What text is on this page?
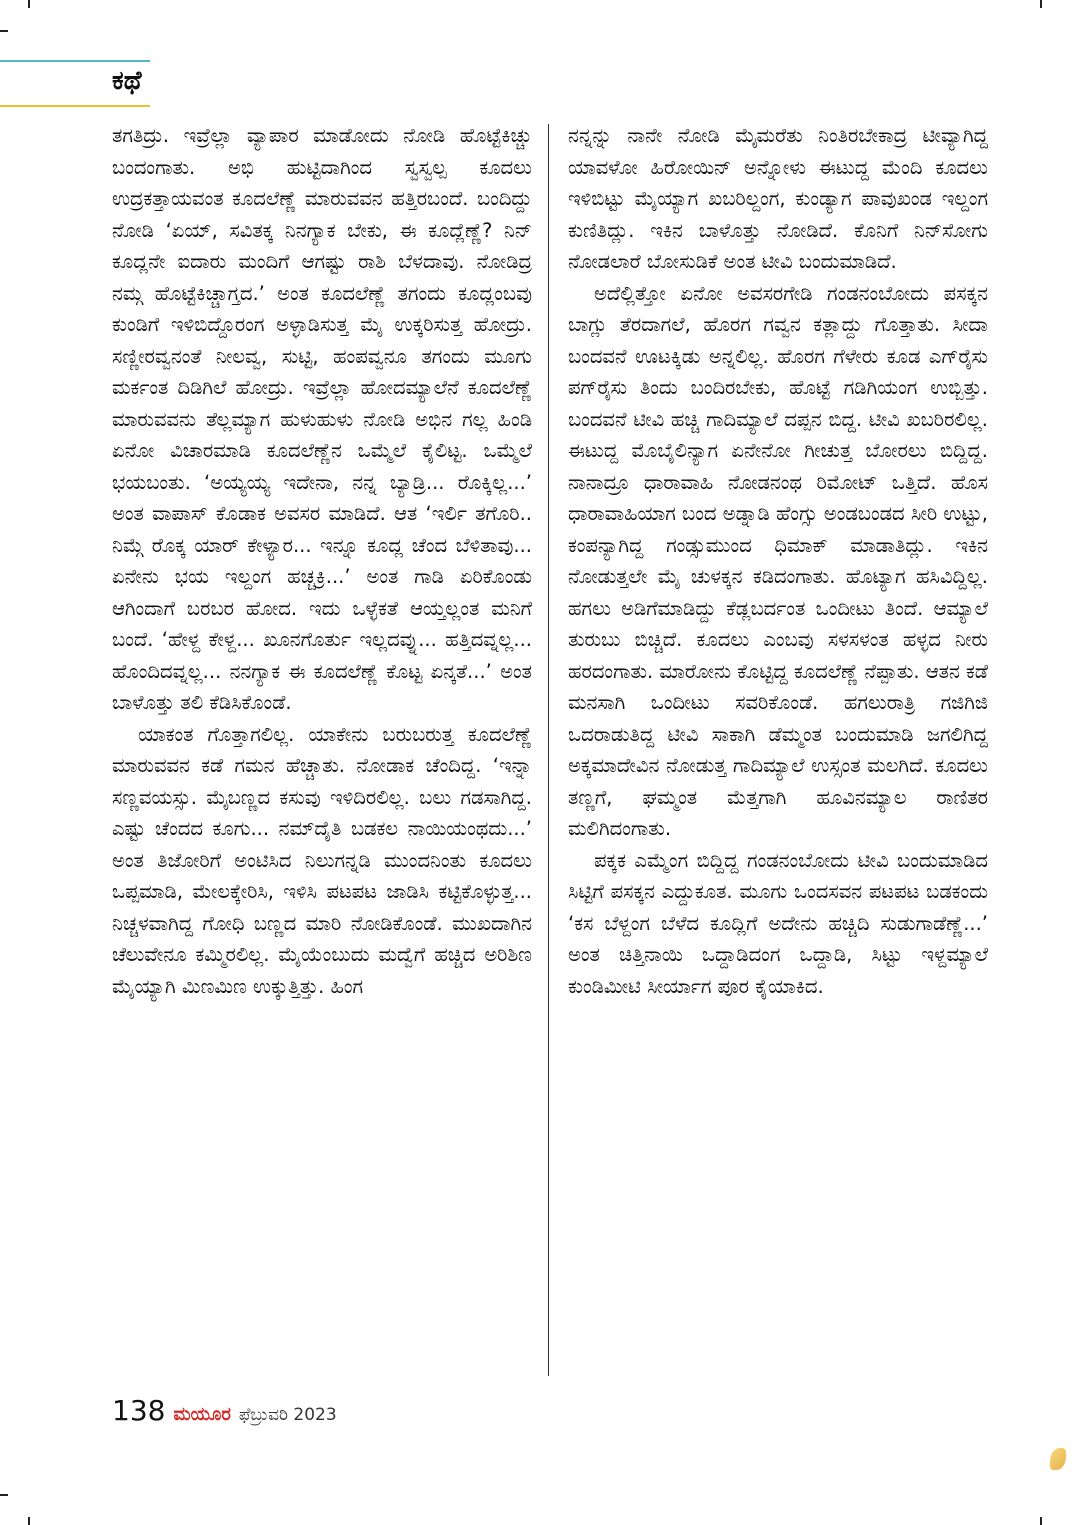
ಕಥೆ

ತಗತಿದ್ರು. ಇವ್ರೆಲ್ಲಾ ವ್ಯಾಪಾರ ಮಾಡೋದು ನೋಡಿ ಹೊಟ್ಟೆಕಿಚ್ಚು ಬಂದಂಗಾತು. ಅಭಿ ಹುಟ್ಟಿದಾಗಿಂದ ಸ್ವಸ್ವಲ್ಪ ಕೂದಲು ಉದ್ರಕತ್ತಾಯವಂತ ಕೂದಲೆಣ್ಣೆ ಮಾರುವವನ ಹತ್ತಿರಬಂದೆ. ಬಂದಿದ್ದು ನೋಡಿ ‘ಏಯ್, ಸವಿತಕ್ಕ ನಿನಗ್ಯಾಕ ಬೇಕು, ಈ ಕೂದ್ಲೆಣ್ಣೆ? ನಿನ್ ಕೂದ್ಲನೇ ಐದಾರು ಮಂದಿಗೆ ಆಗಷ್ಟು ರಾಶಿ ಬೆಳದಾವು. ನೋಡಿದ್ರ ನಮ್ಗ ಹೊಟ್ಟೆಕಿಚ್ಚಾಗ್ತದ.’ ಅಂತ ಕೂದಲೆಣ್ಣೆ ತಗಂದು ಕೂದ್ಲಂಬವು ಕುಂಡಿಗೆ ಇಳಿಬಿದ್ದೊರಂಗ ಅಳ್ಳಾಡಿಸುತ್ತ ಮೈ ಉಕ್ಕರಿಸುತ್ತ ಹೋದ್ರು. ಸಣ್ಣೀರವ್ವನಂತೆ ನೀಲವ್ವ, ಸುಟ್ಟಿ, ಹಂಪವ್ವನೂ ತಗಂದು ಮೂಗು ಮರ್ಕಂತ ದಿಡಿಗಿಲೆ ಹೋದ್ರು. ಇವ್ರೆಲ್ಲಾ ಹೋದಮ್ಯಾಲೆನೆ ಕೂದಲೆಣ್ಣೆ ಮಾರುವವನು ತೆಲ್ಲಮ್ಯಾಗ ಹುಳುಹುಳು ನೋಡಿ ಅಭಿನ ಗಲ್ಲ ಹಿಂಡಿ ಏನೋ ವಿಚಾರಮಾಡಿ ಕೂದಲೆಣ್ಣೆನ ಒಮ್ಮೆಲೆ ಕೈಲಿಟ್ಟ. ಒಮ್ಮೆಲೆ ಭಯಬಂತು. ‘ಅಯ್ಯಯ್ಯ ಇದೇನಾ, ನನ್ನ ಬ್ಯಾಡ್ರಿ... ರೊಕ್ಕಿಲ್ಲ...’ ಅಂತ ವಾಪಾಸ್ ಕೊಡಾಕ ಅವಸರ ಮಾಡಿದೆ. ಆತ ‘ಇರ್ಲಿ ತಗೊರಿ.. ನಿಮ್ಗೆ ರೊಕ್ಕ ಯಾರ್ ಕೇಳ್ಯಾರ... ಇನ್ನೂ ಕೂದ್ಲ ಚೆಂದ ಬೆಳಿತಾವು... ಏನೇನು ಭಯ ಇಲ್ದಂಗ ಹಚ್ಚಕ್ರಿ...’ ಅಂತ ಗಾಡಿ ಏರಿಕೊಂಡು ಆಗಿಂದಾಗೆ ಬರಬರ ಹೋದ. ಇದು ಒಳ್ಳೆಕತೆ ಆಯ್ತಲ್ಲಂತ ಮನಿಗೆ ಬಂದೆ. ‘ಹೇಳ್ದ ಕೇಳ್ದ... ಖೂನಗೊರ್ತು ಇಲ್ಲದವ್ನು... ಹತ್ತಿದವ್ನಲ್ಲ... ಹೊಂದಿದವ್ನಲ್ಲ... ನನಗ್ಯಾಕ ಈ ಕೂದಲೆಣ್ಣೆ ಕೊಟ್ಟ ಏನ್ಕತೆ...’ ಅಂತ ಬಾಳೊತ್ತು ತಲಿ ಕೆಡಿಸಿಕೊಂಡೆ.

ಯಾಕಂತ ಗೊತ್ತಾಗಲಿಲ್ಲ. ಯಾಕೇನು ಬರುಬರುತ್ತ ಕೂದಲೆಣ್ಣೆ ಮಾರುವವನ ಕಡೆ ಗಮನ ಹೆಚ್ಚಾತು. ನೋಡಾಕ ಚೆಂದಿದ್ದ. ‘ಇನ್ನಾ ಸಣ್ಣವಯಸ್ಸು. ಮೈಬಣ್ಣದ ಕಸುವು ಇಳಿದಿರಲಿಲ್ಲ. ಬಲು ಗಡಸಾಗಿದ್ದ. ಎಷ್ಟು ಚೆಂದದ ಕೂಗು... ನಮ್‌ದೈತಿ ಬಡಕಲ ನಾಯಿಯಂಥದು...’ ಅಂತ ತಿಜೋರಿಗೆ ಅಂಟಿಸಿದ ನಿಲುಗನ್ನಡಿ ಮುಂದನಿಂತು ಕೂದಲು ಒಪ್ಪಮಾಡಿ, ಮೇಲಕ್ಕೇರಿಸಿ, ಇಳಿಸಿ ಪಟಪಟ ಜಾಡಿಸಿ ಕಟ್ಟಿಕೊಳ್ಳುತ್ತ... ನಿಚ್ಚಳವಾಗಿದ್ದ ಗೋಧಿ ಬಣ್ಣದ ಮಾರಿ ನೋಡಿಕೊಂಡೆ. ಮುಖದಾಗಿನ ಚೆಲುವೇನೂ ಕಮ್ಮಿರಲಿಲ್ಲ. ಮೈಯೆಂಬುದು ಮದ್ವೆಗೆ ಹಚ್ಚಿದ ಅರಿಶಿಣ ಮೈಯ್ಯಾಗಿ ಮಿಣಮಿಣ ಉಕ್ಕುತ್ತಿತ್ತು. ಹಿಂಗ

ನನ್ನನ್ನು ನಾನೇ ನೋಡಿ ಮೈಮರೆತು ನಿಂತಿರಬೇಕಾದ್ರ ಟೀವ್ಯಾಗಿದ್ದ ಯಾವಳೋ ಹಿರೋಯಿನ್ ಅನ್ನೋಳು ಈಟುದ್ದ ಮೆಂದಿ ಕೂದಲು ಇಳಿಬಿಟ್ಟು ಮೈಯ್ಯಾಗ ಖಬರಿಲ್ದಂಗ, ಕುಂಡ್ಯಾಗ ಪಾವುಖಂಡ ಇಲ್ದಂಗ ಕುಣಿತಿದ್ಲು. ಇಕಿನ ಬಾಳೊತ್ತು ನೋಡಿದೆ. ಕೊನಿಗೆ ನಿನ್‌ಸೋಗು ನೋಡಲಾರೆ ಬೋಸುಡಿಕೆ ಅಂತ ಟೀವಿ ಬಂದುಮಾಡಿದೆ.

ಅದೆಲ್ಲಿತ್ತೋ ಏನೋ ಅವಸರಗೇಡಿ ಗಂಡನಂಬೋದು ಪಸಕ್ಕನ ಬಾಗ್ಲು ತೆರದಾಗಲೆ, ಹೊರಗ ಗವ್ವನ ಕತ್ಲಾದ್ದು ಗೊತ್ತಾತು. ಸೀದಾ ಬಂದವನೆ ಊಟಕ್ಕಿಡು ಅನ್ನಲಿಲ್ಲ. ಹೊರಗ ಗೆಳೇರು ಕೂಡ ಎಗ್‌ರೈಸು ಪಗ್‌ರೈಸು ತಿಂದು ಬಂದಿರಬೇಕು, ಹೊಟ್ಟೆ ಗಡಿಗಿಯಂಗ ಉಬ್ಬಿತ್ತು. ಬಂದವನೆ ಟೀವಿ ಹಚ್ಚಿ ಗಾದಿಮ್ಯಾಲೆ ದಪ್ಪನ ಬಿದ್ದ. ಟೀವಿ ಖಬರಿರಲಿಲ್ಲ. ಈಟುದ್ದ ಮೊಬೈಲಿನ್ಯಾಗ ಏನೇನೋ ಗೀಚುತ್ತ ಬೋರಲು ಬಿದ್ದಿದ್ದ. ನಾನಾದ್ರೂ ಧಾರಾವಾಹಿ ನೋಡನಂಥ ರಿಮೋಟ್ ಒತ್ತಿದೆ. ಹೊಸ ಧಾರಾವಾಹಿಯಾಗ ಬಂದ ಅಡ್ನಾಡಿ ಹೆಂಗ್ಸು ಅಂಡಬಂಡದ ಸೀರಿ ಉಟ್ಟು, ಕಂಪನ್ಯಾಗಿದ್ದ ಗಂಡ್ಸುಮುಂದ ಧಿಮಾಕ್ ಮಾಡಾತಿದ್ಲು. ಇಕಿನ ನೋಡುತ್ತಲೇ ಮೈ ಚುಳಕ್ಕನ ಕಡಿದಂಗಾತು. ಹೊಟ್ಯಾಗ ಹಸಿವಿದ್ದಿಲ್ಲ. ಹಗಲು ಅಡಿಗೆಮಾಡಿದ್ದು ಕೆಡ್ಲಬರ್ದಂತ ಒಂದೀಟು ತಿಂದೆ. ಆಮ್ಯಾಲೆ ತುರುಬು ಬಿಚ್ಚಿದೆ. ಕೂದಲು ಎಂಬವು ಸಳಸಳಂತ ಹಳ್ಳದ ನೀರು ಹರದಂಗಾತು. ಮಾರೋನು ಕೊಟ್ಟಿದ್ದ ಕೂದಲೆಣ್ಣೆ ನೆಪ್ಪಾತು. ಆತನ ಕಡೆ ಮನಸಾಗಿ ಒಂದೀಟು ಸವರಿಕೊಂಡೆ. ಹಗಲುರಾತ್ರಿ ಗಜಿಗಿಜಿ ಒದರಾಡುತಿದ್ದ ಟೀವಿ ಸಾಕಾಗಿ ಡೆಮ್ಮಂತ ಬಂದುಮಾಡಿ ಜಗಲಿಗಿದ್ದ ಅಕ್ಕಮಾದೇವಿನ ನೋಡುತ್ತ ಗಾದಿಮ್ಯಾಲೆ ಉಸ್ಸಂತ ಮಲಗಿದೆ. ಕೂದಲು ತಣ್ಣಗೆ, ಘಮ್ಮಂತ ಮೆತ್ತಗಾಗಿ ಹೂವಿನಮ್ಯಾಲ ರಾಣಿತರ ಮಲಿಗಿದಂಗಾತು.

ಪಕ್ಕಕ ಎಮ್ಮೆಂಗ ಬಿದ್ದಿದ್ದ ಗಂಡನಂಬೋದು ಟೀವಿ ಬಂದುಮಾಡಿದ ಸಿಟ್ಟಿಗೆ ಪಸಕ್ಕನ ಎದ್ದುಕೂತ. ಮೂಗು ಒಂದಸವನ ಪಟಪಟ ಬಡಕಂದು ‘ಕಸ ಬೆಳ್ದಂಗ ಬೆಳೆದ ಕೂದ್ಲಿಗೆ ಅದೇನು ಹಚ್ಚಿದಿ ಸುಡುಗಾಡೆಣ್ಣೆ...’ ಅಂತ ಚಿತ್ತಿನಾಯಿ ಒದ್ದಾಡಿದಂಗ ಒದ್ದಾಡಿ, ಸಿಟ್ಟು ಇಳ್ದಮ್ಯಾಲೆ ಕುಂಡಿಮೀಟಿ ಸೀರ್ಯಾಗ ಪೂರ ಕೈಯಾಕಿದ.

138 ಮಯೂರ ಫೆಬ್ರುವರಿ 2023
